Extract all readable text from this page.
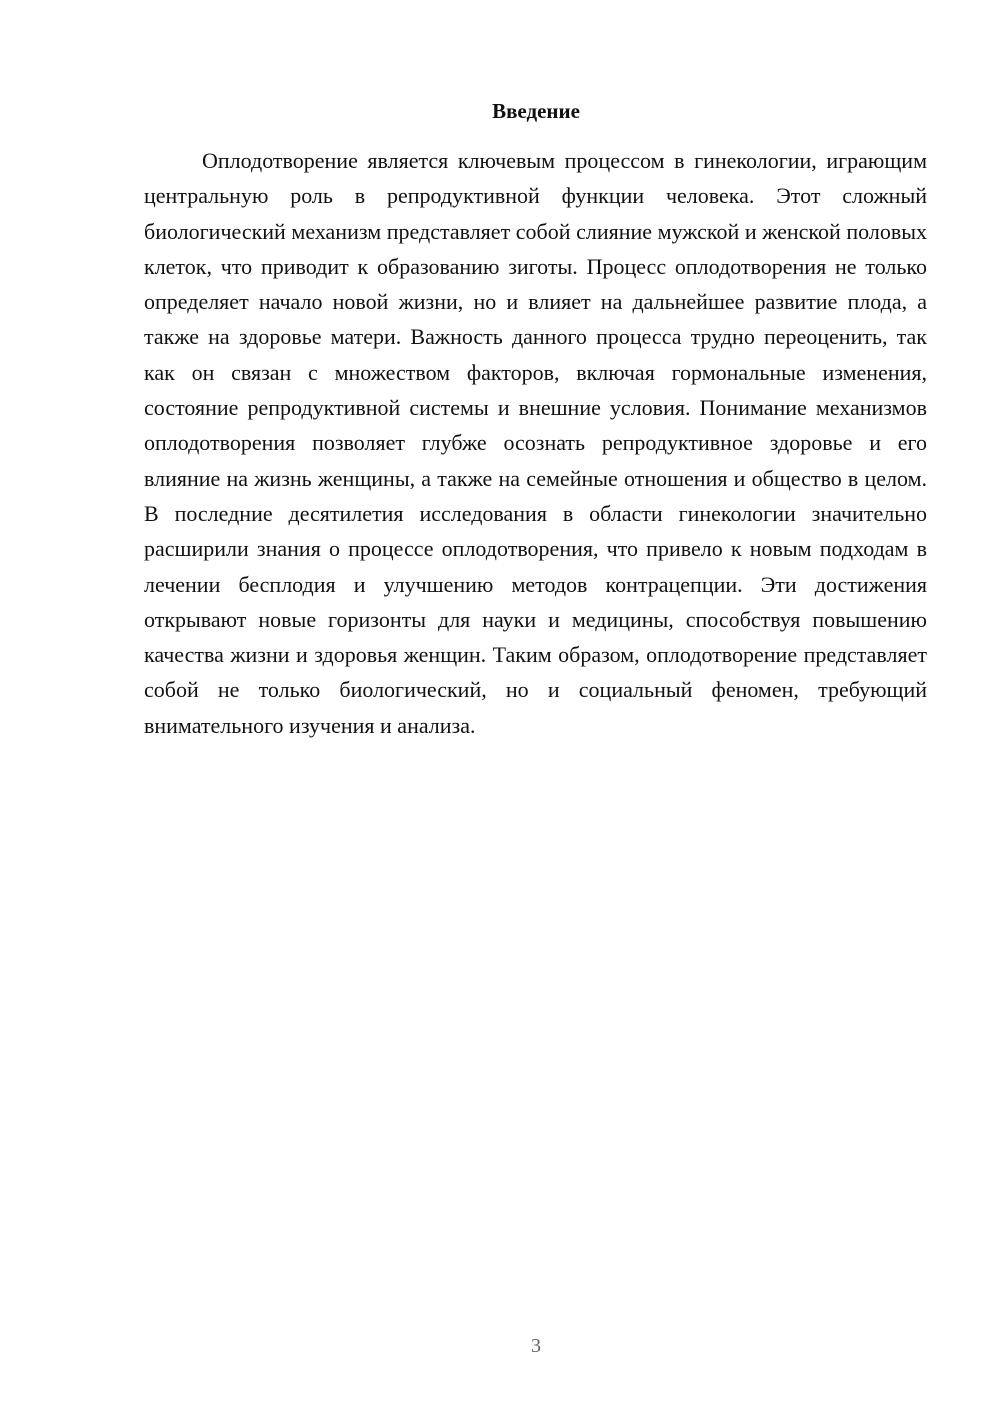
Введение

Оплодотворение является ключевым процессом в гинекологии, играющим центральную роль в репродуктивной функции человека. Этот сложный биологический механизм представляет собой слияние мужской и женской половых клеток, что приводит к образованию зиготы. Процесс оплодотворения не только определяет начало новой жизни, но и влияет на дальнейшее развитие плода, а также на здоровье матери. Важность данного процесса трудно переоценить, так как он связан с множеством факторов, включая гормональные изменения, состояние репродуктивной системы и внешние условия. Понимание механизмов оплодотворения позволяет глубже осознать репродуктивное здоровье и его влияние на жизнь женщины, а также на семейные отношения и общество в целом. В последние десятилетия исследования в области гинекологии значительно расширили знания о процессе оплодотворения, что привело к новым подходам в лечении бесплодия и улучшению методов контрацепции. Эти достижения открывают новые горизонты для науки и медицины, способствуя повышению качества жизни и здоровья женщин. Таким образом, оплодотворение представляет собой не только биологический, но и социальный феномен, требующий внимательного изучения и анализа.

3
